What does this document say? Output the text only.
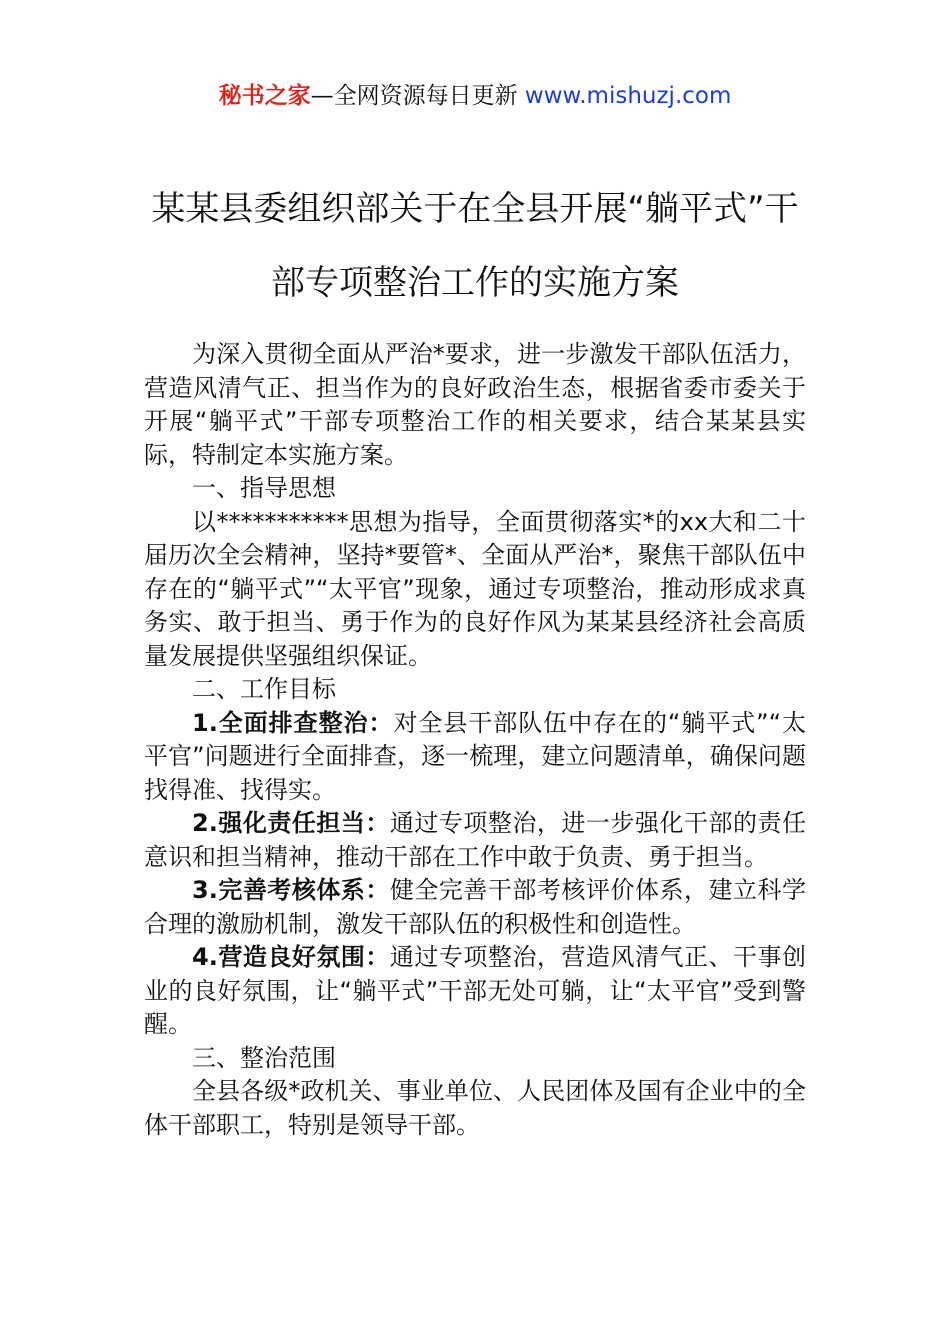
秘书之家—全网资源每日更新 www.mishuzj.com
某某县委组织部关于在全县开展“躺平式”干部专项整治工作的实施方案

为深入贯彻全面从严治*要求，进一步激发干部队伍活力，营造风清气正、担当作为的良好政治生态，根据省委市委关于开展“躺平式”干部专项整治工作的相关要求，结合某某县实际，特制定本实施方案。

一、指导思想

以***********思想为指导，全面贯彻落实*的xx大和二十届历次全会精神，坚持*要管*、全面从严治*，聚焦干部队伍中存在的“躺平式”“太平官”现象，通过专项整治，推动形成求真务实、敢于担当、勇于作为的良好作风为某某县经济社会高质量发展提供坚强组织保证。

二、工作目标

1.全面排查整治：对全县干部队伍中存在的“躺平式”“太平官”问题进行全面排查，逐一梳理，建立问题清单，确保问题找得准、找得实。

2.强化责任担当：通过专项整治，进一步强化干部的责任意识和担当精神，推动干部在工作中敢于负责、勇于担当。

3.完善考核体系：健全完善干部考核评价体系，建立科学合理的激励机制，激发干部队伍的积极性和创造性。

4.营造良好氛围：通过专项整治，营造风清气正、干事创业的良好氛围，让“躺平式”干部无处可躺，让“太平官”受到警醒。

三、整治范围

全县各级*政机关、事业单位、人民团体及国有企业中的全体干部职工，特别是领导干部。
